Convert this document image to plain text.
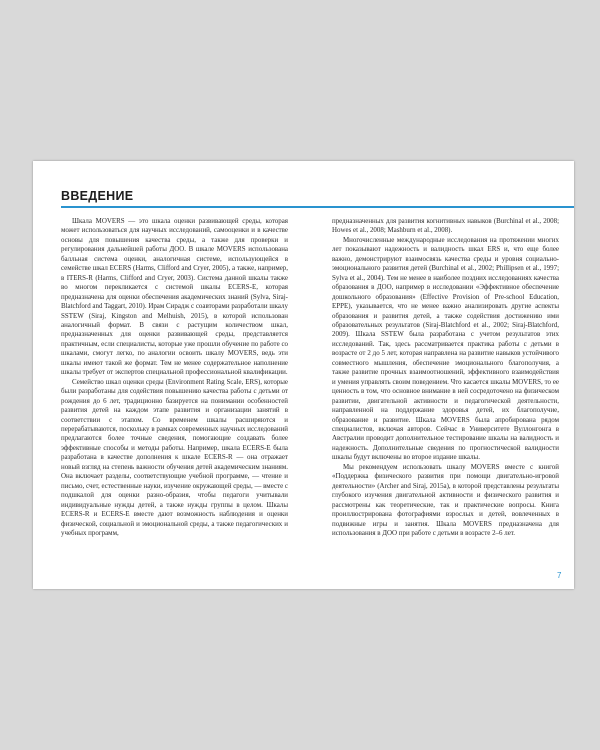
ВВЕДЕНИЕ

Шкала MOVERS — это шкала оценки развивающей среды, которая может использоваться для научных исследований, самооценки и в качестве основы для повышения качества среды, а также для проверки и регулирования дальнейшей работы ДОО. В шкале MOVERS использована балльная система оценки, аналогичная системе, использующейся в семействе шкал ECERS (Harms, Clifford and Cryer, 2005), а также, например, в ITERS-R (Harms, Clifford and Cryer, 2003). Система данной шкалы также во многом перекликается с системой шкалы ECERS-E, которая предназначена для оценки обеспечения академических знаний (Sylva, Siraj-Blatchford and Taggart, 2010). Ирам Сирадж с соавторами разработали шкалу SSTEW (Siraj, Kingston and Melhuish, 2015), в которой использован аналогичный формат. В связи с растущим количеством шкал, предназначенных для оценки развивающей среды, представляется практичным, если специалисты, которые уже прошли обучение по работе со шкалами, смогут легко, по аналогии освоить шкалу MOVERS, ведь эти шкалы имеют такой же формат. Тем не менее содержательное наполнение шкалы требует от экспертов специальной профессиональной квалификации.

Семейство шкал оценки среды (Environment Rating Scale, ERS), которые были разработаны для содействия повышению качества работы с детьми от рождения до 6 лет, традиционно базируется на понимании особенностей развития детей на каждом этапе развития и организации занятий в соответствии с этапом. Со временем шкалы расширяются и перерабатываются, поскольку в рамках современных научных исследований предлагаются более точные сведения, помогающие создавать более эффективные способы и методы работы. Например, шкала ECERS-E была разработана в качестве дополнения к шкале ECERS-R — она отражает новый взгляд на степень важности обучения детей академическим знаниям. Она включает разделы, соответствующие учебной программе, — чтение и письмо, счет, естественные науки, изучение окружающей среды, — вместе с подшкалой для оценки разно-образия, чтобы педагоги учитывали индивидуальные нужды детей, а также нужды группы в целом. Шкалы ECERS-R и ECERS-E вместе дают возможность наблюдения и оценки физической, социальной и эмоциональной среды, а также педагогических и учебных программ,

предназначенных для развития когнитивных навыков (Burchinal et al., 2008; Howes et al., 2008; Mashburn et al., 2008).

Многочисленные международные исследования на протяжении многих лет показывают надежность и валидность шкал ERS и, что еще более важно, демонстрируют взаимосвязь качества среды и уровня социально-эмоционального развития детей (Burchinal et al., 2002; Phillipsen et al., 1997; Sylva et al., 2004). Тем не менее в наиболее поздних исследованиях качества образования в ДОО, например в исследовании «Эффективное обеспечение дошкольного образования» (Effective Provision of Pre-school Education, EPPE), указывается, что не менее важно анализировать другие аспекты образования и развития детей, а также содействия достижению ими образовательных результатов (Siraj-Blatchford et al., 2002; Siraj-Blatchford, 2009). Шкала SSTEW была разработана с учетом результатов этих исследований. Так, здесь рассматривается практика работы с детьми в возрасте от 2 до 5 лет, которая направлена на развитие навыков устойчивого совместного мышления, обеспечение эмоционального благополучия, а также развитие прочных взаимоотношений, эффективного взаимодействия и умения управлять своим поведением. Что касается шкалы MOVERS, то ее ценность в том, что основное внимание в ней сосредоточено на физическом развитии, двигательной активности и педагогической деятельности, направленной на поддержание здоровья детей, их благополучие, образование и развитие. Шкала MOVERS была апробирована рядом специалистов, включая авторов. Сейчас в Университете Вуллонгонга в Австралии проводит дополнительное тестирование шкалы на валидность и надежность. Дополнительные сведения по прогностической валидности шкалы будут включены во второе издание шкалы.

Мы рекомендуем использовать шкалу MOVERS вместе с книгой «Поддержка физического развития при помощи двигательно-игровой деятельности» (Archer and Siraj, 2015a), в которой представлены результаты глубокого изучения двигательной активности и физического развития и рассмотрены как теоретические, так и практические вопросы. Книга проиллюстрирована фотографиями взрослых и детей, вовлеченных в подвижные игры и занятия. Шкала MOVERS предназначена для использования в ДОО при работе с детьми в возрасте 2–6 лет.

7
